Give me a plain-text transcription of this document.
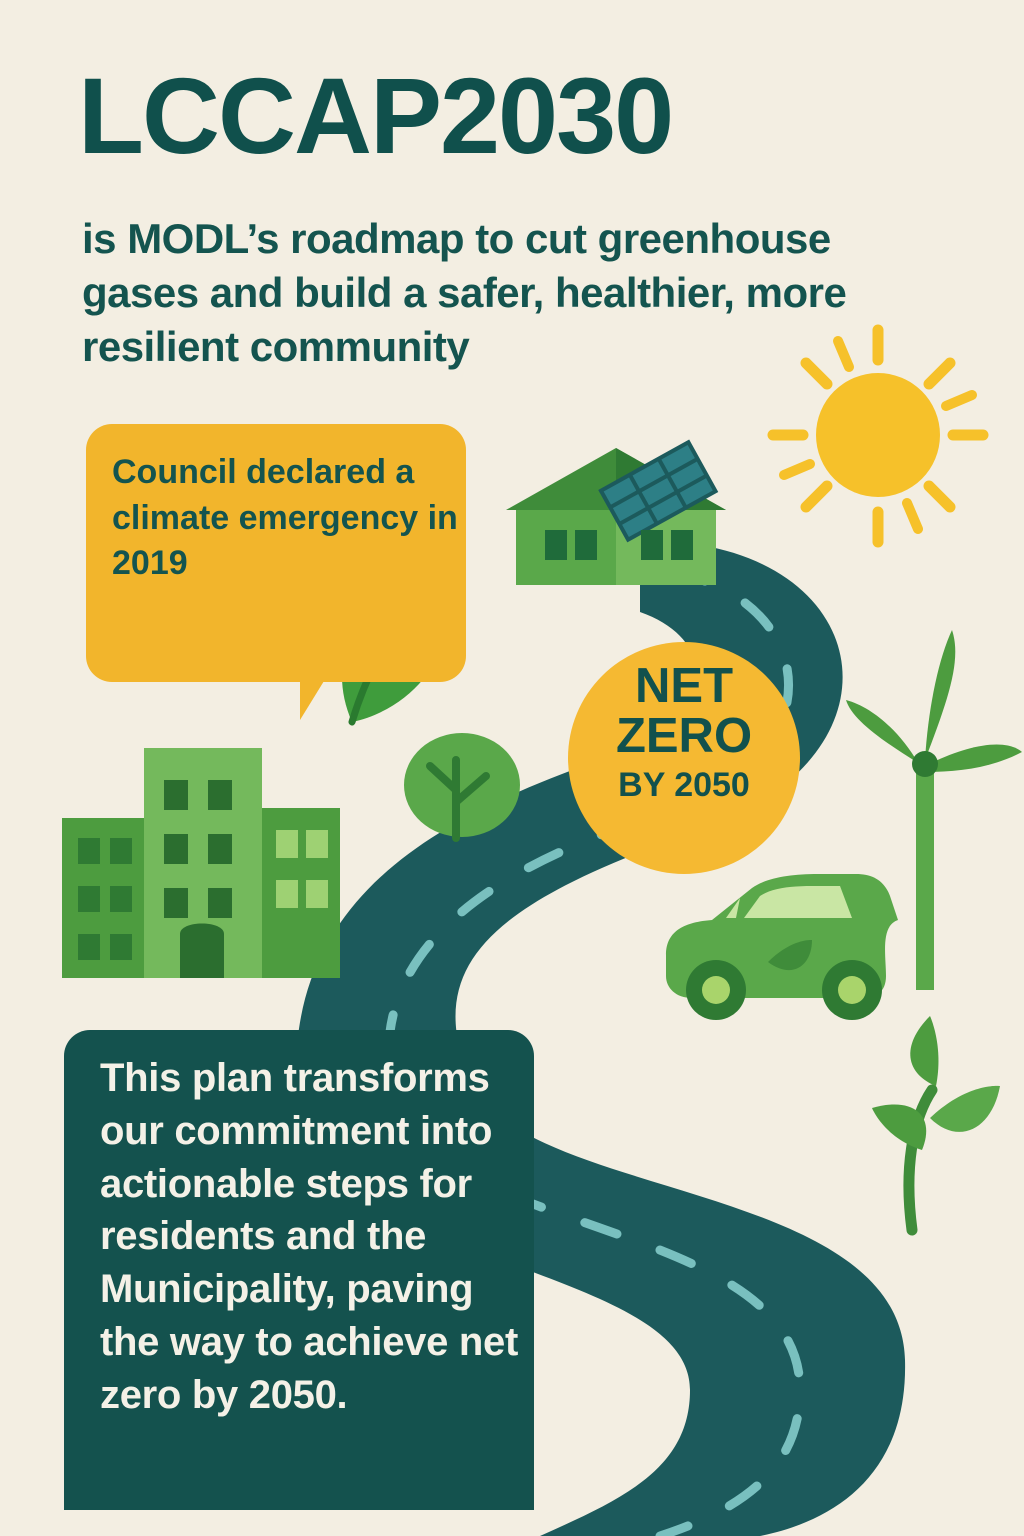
LCCAP2030
is MODL’s roadmap to cut greenhouse gases and build a safer, healthier, more resilient community
Council declared a climate emergency in 2019
NET
ZERO
BY 2050
This plan transforms our commitment into actionable steps for residents and the Municipality, paving the way to achieve net zero by 2050.
